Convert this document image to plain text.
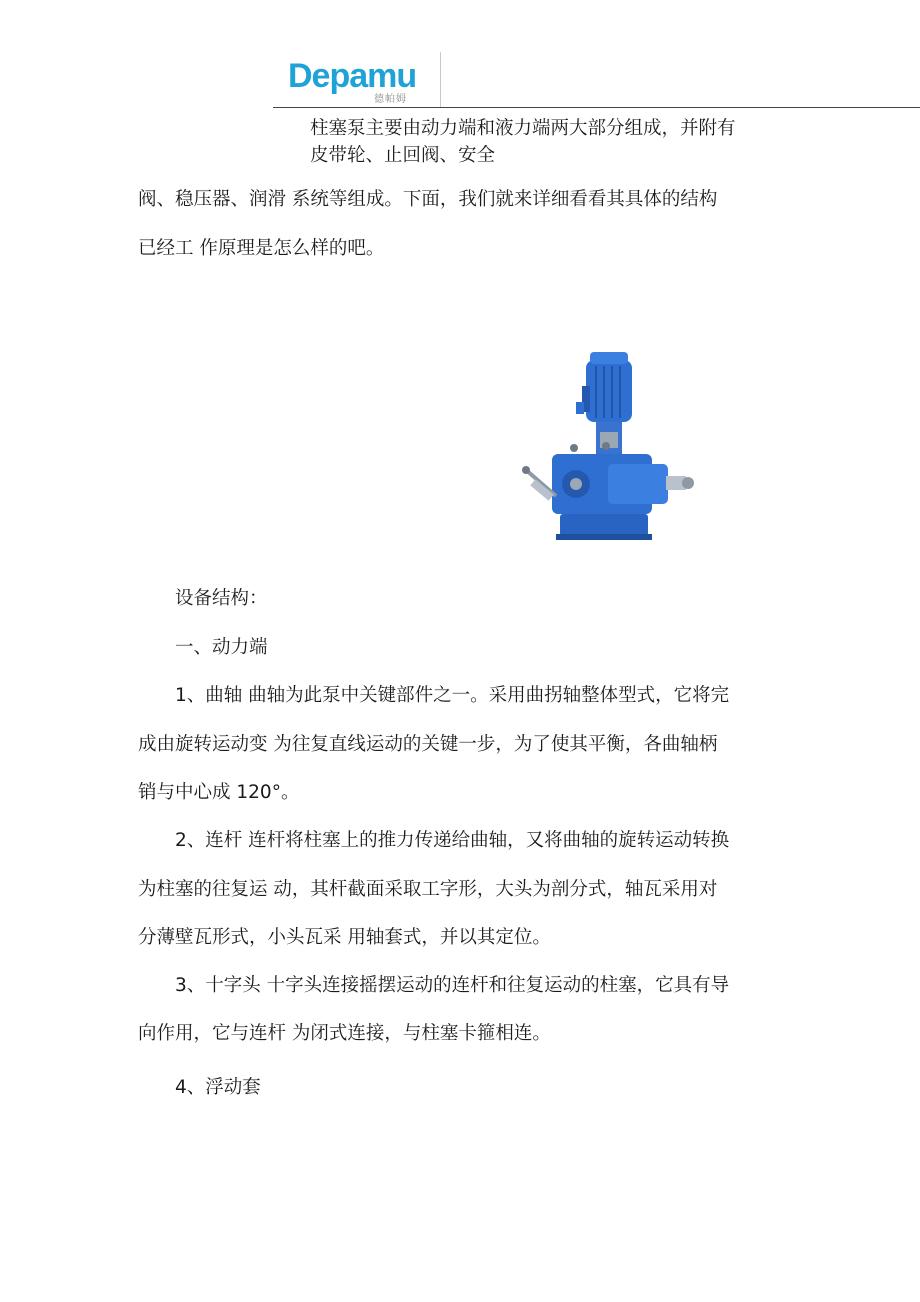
Depamu
德帕姆
柱塞泵主要由动力端和液力端两大部分组成，并附有
皮带轮、止回阀、安全
阀、稳压器、润滑 系统等组成。下面，我们就来详细看看其具体的结构
已经工 作原理是怎么样的吧。
设备结构：
一、动力端
1、曲轴 曲轴为此泵中关键部件之一。采用曲拐轴整体型式，它将完
成由旋转运动变 为往复直线运动的关键一步，为了使其平衡，各曲轴柄
销与中心成 120°。
2、连杆 连杆将柱塞上的推力传递给曲轴，又将曲轴的旋转运动转换
为柱塞的往复运 动，其杆截面采取工字形，大头为剖分式，轴瓦采用对
分薄壁瓦形式，小头瓦采 用轴套式，并以其定位。
3、十字头 十字头连接摇摆运动的连杆和往复运动的柱塞，它具有导
向作用，它与连杆 为闭式连接，与柱塞卡箍相连。
4、浮动套
